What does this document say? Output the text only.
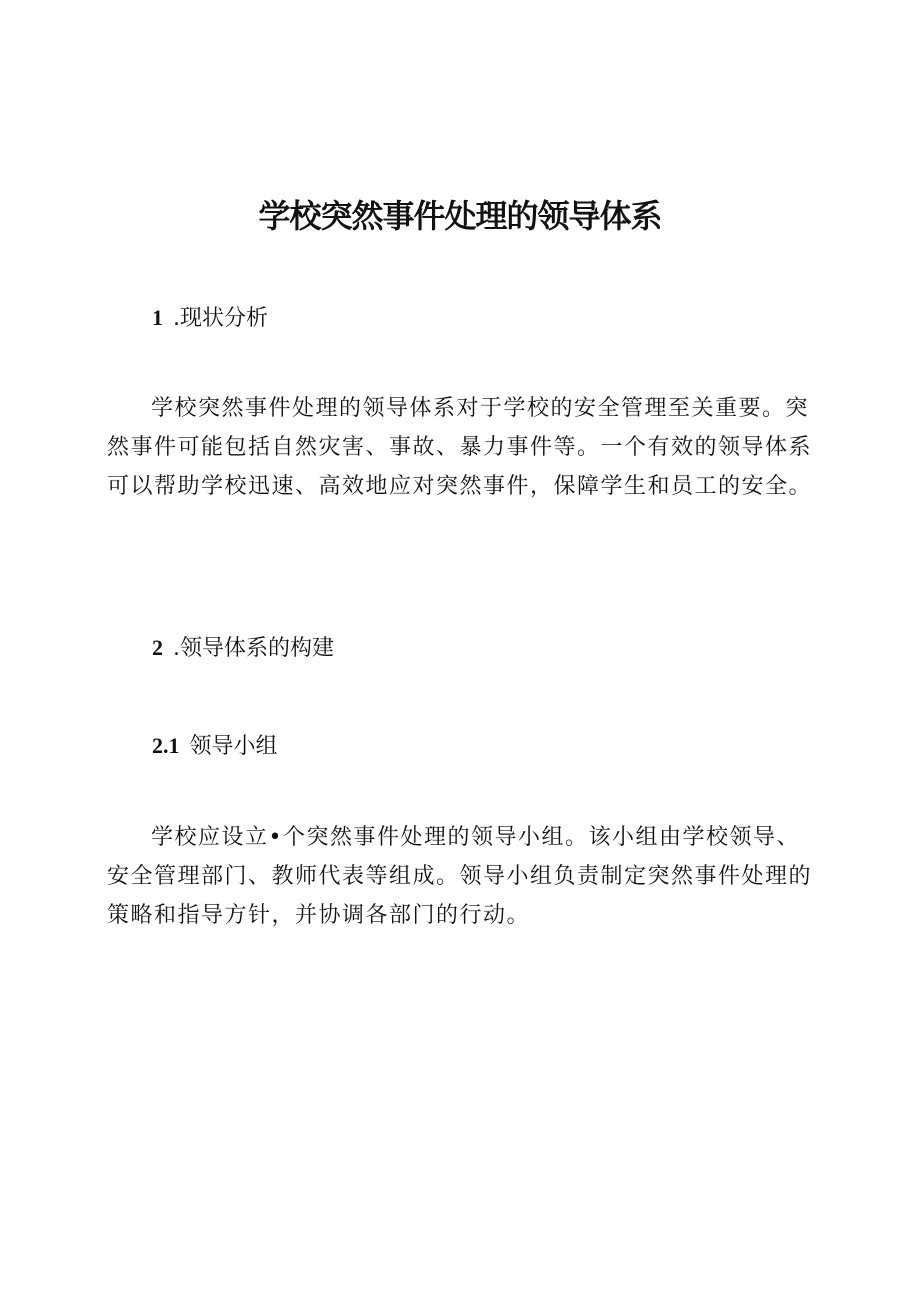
学校突然事件处理的领导体系
1 .现状分析

学校突然事件处理的领导体系对于学校的安全管理至关重要。突然事件可能包括自然灾害、事故、暴力事件等。一个有效的领导体系可以帮助学校迅速、高效地应对突然事件，保障学生和员工的安全。

2 .领导体系的构建
2.1 领导小组

学校应设立•个突然事件处理的领导小组。该小组由学校领导、安全管理部门、教师代表等组成。领导小组负责制定突然事件处理的策略和指导方针，并协调各部门的行动。
